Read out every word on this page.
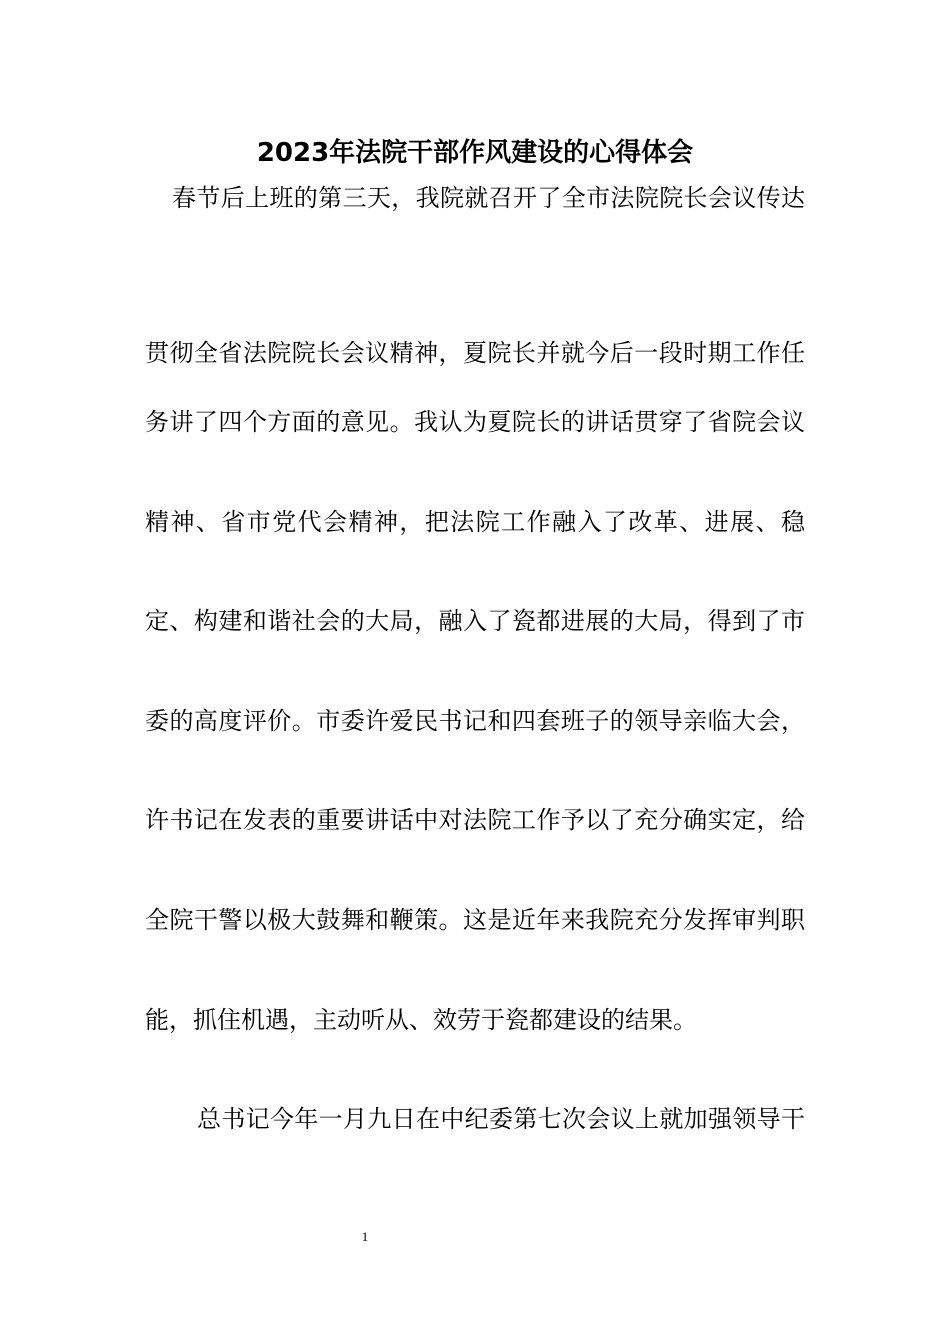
2023年法院干部作风建设的心得体会

春节后上班的第三天，我院就召开了全市法院院长会议传达

贯彻全省法院院长会议精神，夏院长并就今后一段时期工作任

务讲了四个方面的意见。我认为夏院长的讲话贯穿了省院会议

精神、省市党代会精神，把法院工作融入了改革、进展、稳

定、构建和谐社会的大局，融入了瓷都进展的大局，得到了市

委的高度评价。市委许爱民书记和四套班子的领导亲临大会，

许书记在发表的重要讲话中对法院工作予以了充分确实定，给

全院干警以极大鼓舞和鞭策。这是近年来我院充分发挥审判职

能，抓住机遇，主动听从、效劳于瓷都建设的结果。

总书记今年一月九日在中纪委第七次会议上就加强领导干

1
